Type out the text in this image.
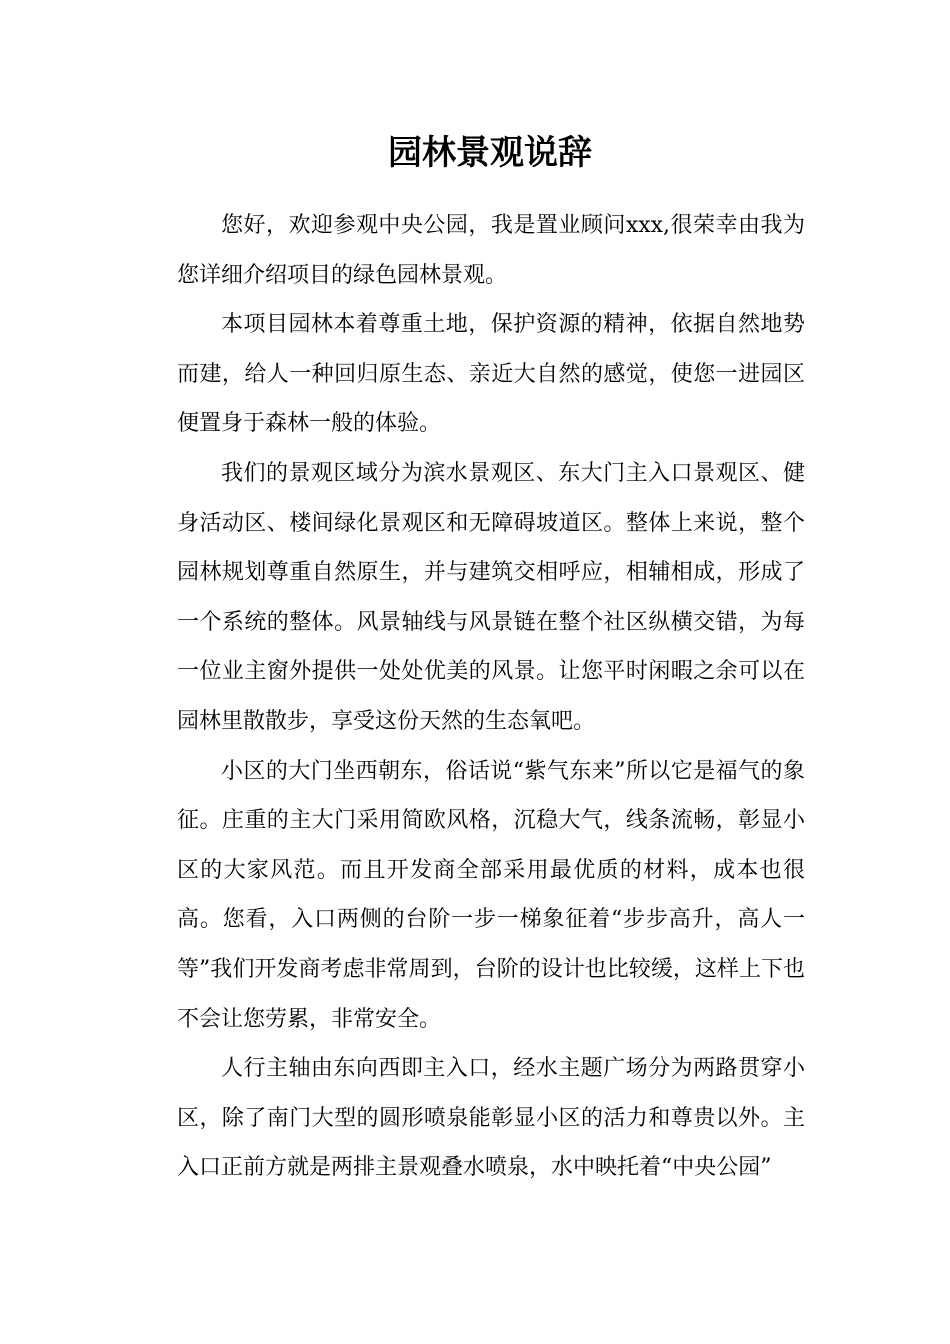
园林景观说辞

您好，欢迎参观中央公园，我是置业顾问xxx,很荣幸由我为您详细介绍项目的绿色园林景观。

本项目园林本着尊重土地，保护资源的精神，依据自然地势而建，给人一种回归原生态、亲近大自然的感觉，使您一进园区便置身于森林一般的体验。

我们的景观区域分为滨水景观区、东大门主入口景观区、健身活动区、楼间绿化景观区和无障碍坡道区。整体上来说，整个园林规划尊重自然原生，并与建筑交相呼应，相辅相成，形成了一个系统的整体。风景轴线与风景链在整个社区纵横交错，为每一位业主窗外提供一处处优美的风景。让您平时闲暇之余可以在园林里散散步，享受这份天然的生态氧吧。

小区的大门坐西朝东，俗话说“紫气东来”所以它是福气的象征。庄重的主大门采用简欧风格，沉稳大气，线条流畅，彰显小区的大家风范。而且开发商全部采用最优质的材料，成本也很高。您看，入口两侧的台阶一步一梯象征着“步步高升，高人一等”我们开发商考虑非常周到，台阶的设计也比较缓，这样上下也不会让您劳累，非常安全。

人行主轴由东向西即主入口，经水主题广场分为两路贯穿小区，除了南门大型的圆形喷泉能彰显小区的活力和尊贵以外。主入口正前方就是两排主景观叠水喷泉，水中映托着“中央公园”
